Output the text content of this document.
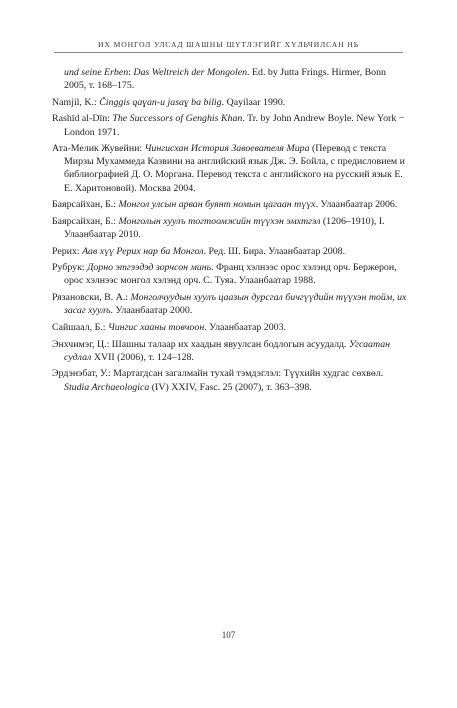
ИХ МОНГОЛ УЛСАД ШАШНЫ ШҮТЛЭГИЙГ ХҮЛЬЧИЛСАН НЬ
und seine Erben: Das Weltreich der Mongolen. Ed. by Jutta Frings. Hirmer, Bonn 2005, т. 168–175.
Namjil, K.: Činggis qaɣan-u jasaɣ ba bilig. Qayilaar 1990.
Rashīd al-Dīn: The Successors of Genghis Khan. Tr. by John Andrew Boyle. New York − London 1971.
Ата-Мелик Жувейни: Чингисхан История Завоевателя Мира (Перевод с текста Мирзы Мухаммеда Казвини на английский язык Дж. Э. Бойла, с предисловием и библиографией Д. О. Моргана. Перевод текста с английского на русский язык Е. Е. Харитоновой). Москва 2004.
Баярсайхан, Б.: Монгол улсын арван буянт номын цагаан түүх. Улаанбаатар 2006.
Баярсайхан, Б.: Монголын хуулъ тогтоомжийн түүхэн эмхтгэл (1206–1910), I. Улаанбаатар 2010.
Рерих: Аав хүү Рерих нар ба Монгол. Ред. Ш. Бира. Улаанбаатар 2008.
Рубрук: Дорно этгээдэд зорчсон минь. Франц хэлнээс орос хэлэнд орч. Бержерон, орос хэлнээс монгол хэлэнд орч. С. Туяа. Улаанбаатар 1988.
Рязановски, В. А.: Монголчуудын хуулъ цаазын дурсгал бичгүүдийн түүхэн тойм, их засаг хуулъ. Улаанбаатар 2000.
Сайшаал, Б.: Чингис хааны товчоон. Улаанбаатар 2003.
Энхчимэг, Ц.: Шашны талаар их хаадын явуулсан бодлогын асуудалд. Угсаатан судлал XVII (2006), т. 124–128.
Эрдэнэбат, У.: Мартагдсан загалмайн тухай тэмдэглэл: Түүхийн худгас сөхвөл. Studia Archaeologica (IV) XXIV, Fasc. 25 (2007), т. 363–398.
107
